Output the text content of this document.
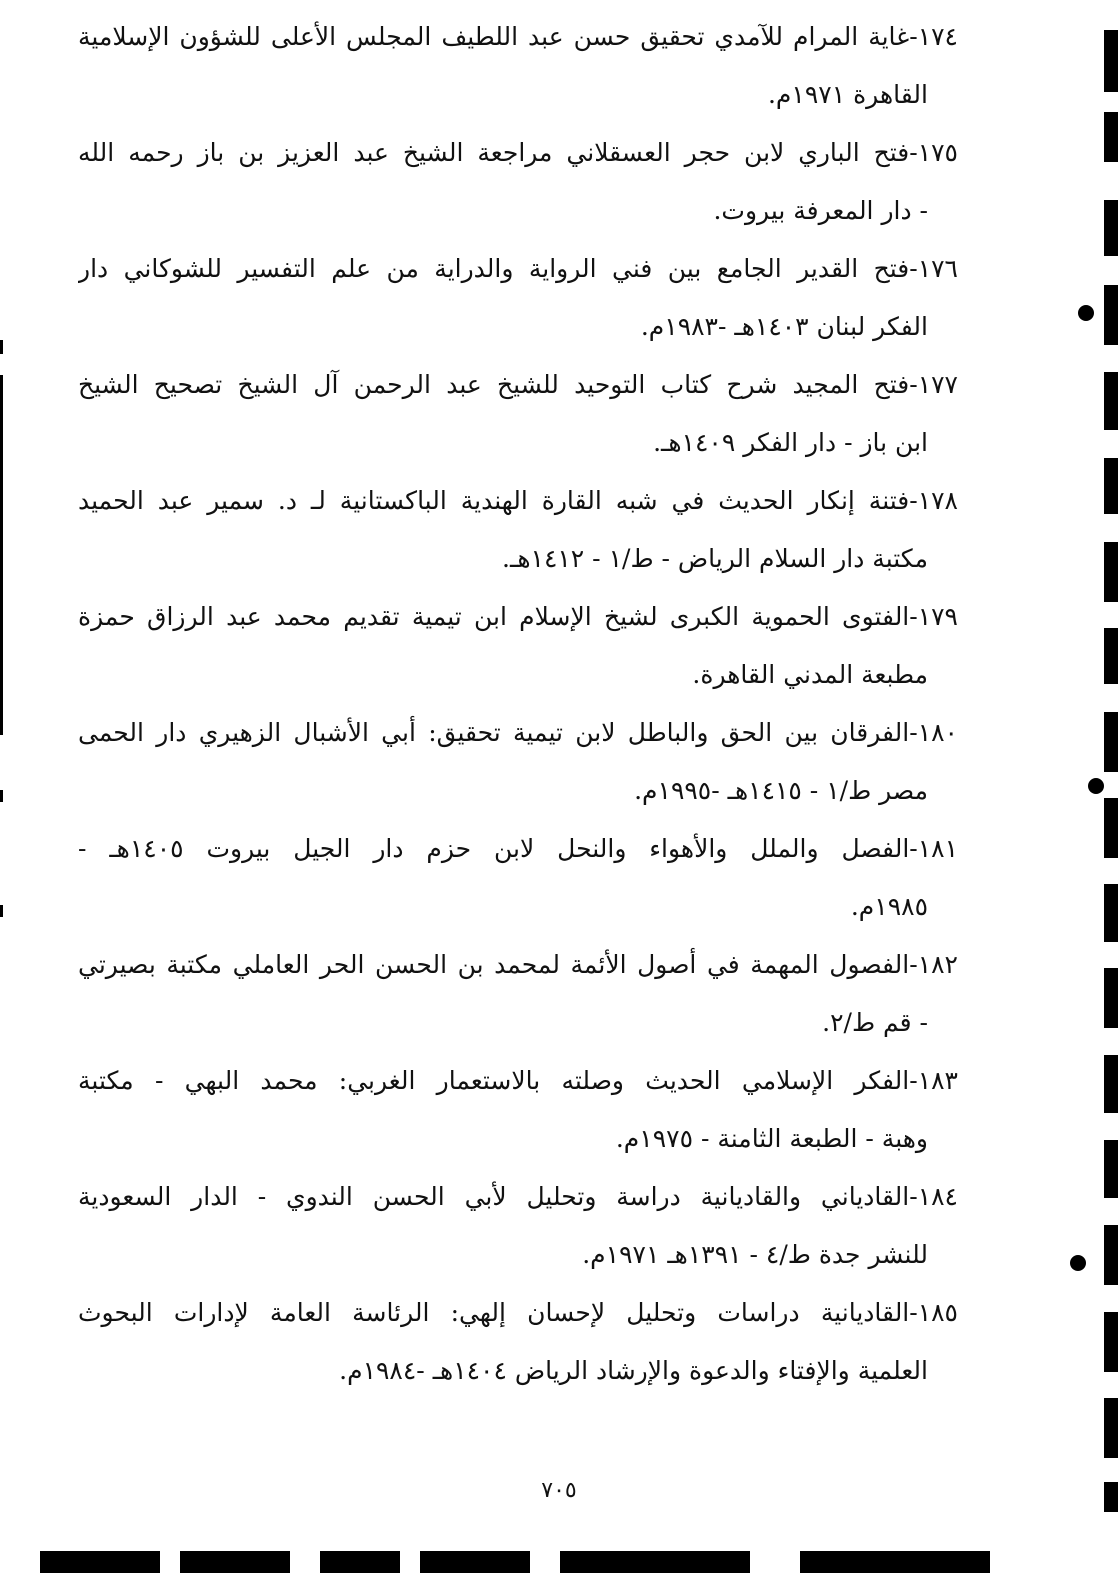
١٧٤-غاية المرام للآمدي تحقيق حسن عبد اللطيف المجلس الأعلى للشؤون الإسلامية
القاهرة ١٩٧١م.
١٧٥-فتح الباري لابن حجر العسقلاني مراجعة الشيخ عبد العزيز بن باز رحمه الله
- دار المعرفة بيروت.
١٧٦-فتح القدير الجامع بين فني الرواية والدراية من علم التفسير للشوكاني دار
الفكر لبنان ١٤٠٣هـ -١٩٨٣م.
١٧٧-فتح المجيد شرح كتاب التوحيد للشيخ عبد الرحمن آل الشيخ تصحيح الشيخ
ابن باز - دار الفكر ١٤٠٩هـ.
١٧٨-فتنة إنكار الحديث في شبه القارة الهندية الباكستانية لـ د. سمير عبد الحميد
مكتبة دار السلام الرياض - ط/١ - ١٤١٢هـ.
١٧٩-الفتوى الحموية الكبرى لشيخ الإسلام ابن تيمية تقديم محمد عبد الرزاق حمزة
مطبعة المدني القاهرة.
١٨٠-الفرقان بين الحق والباطل لابن تيمية تحقيق: أبي الأشبال الزهيري دار الحمى
مصر ط/١ - ١٤١٥هـ -١٩٩٥م.
١٨١-الفصل والملل والأهواء والنحل لابن حزم دار الجيل بيروت ١٤٠٥هـ -
١٩٨٥م.
١٨٢-الفصول المهمة في أصول الأئمة لمحمد بن الحسن الحر العاملي مكتبة بصيرتي
- قم ط/٢.
١٨٣-الفكر الإسلامي الحديث وصلته بالاستعمار الغربي: محمد البهي - مكتبة
وهبة - الطبعة الثامنة - ١٩٧٥م.
١٨٤-القادياني والقاديانية دراسة وتحليل لأبي الحسن الندوي - الدار السعودية
للنشر جدة ط/٤ - ١٣٩١هـ ١٩٧١م.
١٨٥-القاديانية دراسات وتحليل لإحسان إلهي: الرئاسة العامة لإدارات البحوث
العلمية والإفتاء والدعوة والإرشاد الرياض ١٤٠٤هـ -١٩٨٤م.
٧٠٥
